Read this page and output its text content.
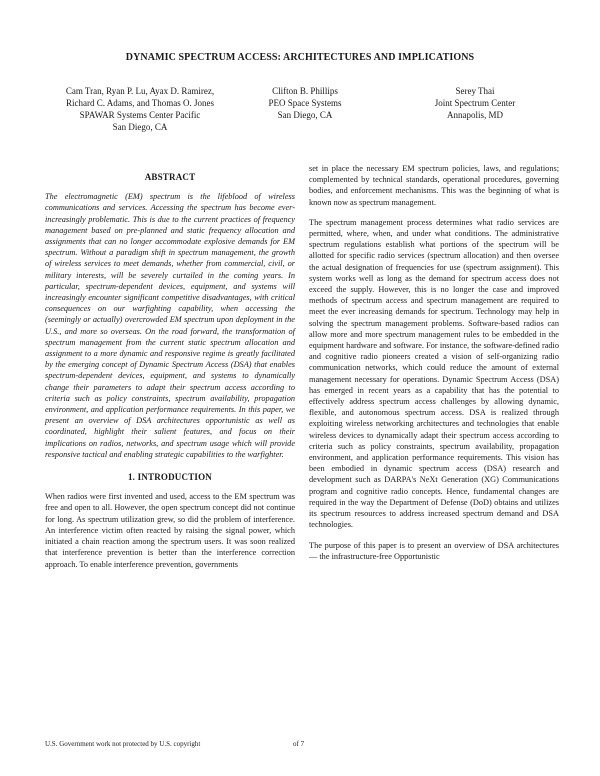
DYNAMIC SPECTRUM ACCESS: ARCHITECTURES AND IMPLICATIONS
Cam Tran, Ryan P. Lu, Ayax D. Ramirez,
Richard C. Adams, and Thomas O. Jones
SPAWAR Systems Center Pacific
San Diego, CA
Clifton B. Phillips
PEO Space Systems
San Diego, CA
Serey Thai
Joint Spectrum Center
Annapolis, MD
ABSTRACT

The electromagnetic (EM) spectrum is the lifeblood of wireless communications and services. Accessing the spectrum has become ever-increasingly problematic. This is due to the current practices of frequency management based on pre-planned and static frequency allocation and assignments that can no longer accommodate explosive demands for EM spectrum. Without a paradigm shift in spectrum management, the growth of wireless services to meet demands, whether from commercial, civil, or military interests, will be severely curtailed in the coming years. In particular, spectrum-dependent devices, equipment, and systems will increasingly encounter significant competitive disadvantages, with critical consequences on our warfighting capability, when accessing the (seemingly or actually) overcrowded EM spectrum upon deployment in the U.S., and more so overseas. On the road forward, the transformation of spectrum management from the current static spectrum allocation and assignment to a more dynamic and responsive regime is greatly facilitated by the emerging concept of Dynamic Spectrum Access (DSA) that enables spectrum-dependent devices, equipment, and systems to dynamically change their parameters to adapt their spectrum access according to criteria such as policy constraints, spectrum availability, propagation environment, and application performance requirements. In this paper, we present an overview of DSA architectures opportunistic as well as coordinated, highlight their salient features, and focus on their implications on radios, networks, and spectrum usage which will provide responsive tactical and enabling strategic capabilities to the warfighter.

1. INTRODUCTION

When radios were first invented and used, access to the EM spectrum was free and open to all. However, the open spectrum concept did not continue for long. As spectrum utilization grew, so did the problem of interference. An interference victim often reacted by raising the signal power, which initiated a chain reaction among the spectrum users. It was soon realized that interference prevention is better than the interference correction approach. To enable interference prevention, governments

set in place the necessary EM spectrum policies, laws, and regulations; complemented by technical standards, operational procedures, governing bodies, and enforcement mechanisms. This was the beginning of what is known now as spectrum management.

The spectrum management process determines what radio services are permitted, where, when, and under what conditions. The administrative spectrum regulations establish what portions of the spectrum will be allotted for specific radio services (spectrum allocation) and then oversee the actual designation of frequencies for use (spectrum assignment). This system works well as long as the demand for spectrum access does not exceed the supply. However, this is no longer the case and improved methods of spectrum access and spectrum management are required to meet the ever increasing demands for spectrum. Technology may help in solving the spectrum management problems. Software-based radios can allow more and more spectrum management rules to be embedded in the equipment hardware and software. For instance, the software-defined radio and cognitive radio pioneers created a vision of self-organizing radio communication networks, which could reduce the amount of external management necessary for operations. Dynamic Spectrum Access (DSA) has emerged in recent years as a capability that has the potential to effectively address spectrum access challenges by allowing dynamic, flexible, and autonomous spectrum access. DSA is realized through exploiting wireless networking architectures and technologies that enable wireless devices to dynamically adapt their spectrum access according to criteria such as policy constraints, spectrum availability, propagation environment, and application performance requirements. This vision has been embodied in dynamic spectrum access (DSA) research and development such as DARPA's NeXt Generation (XG) Communications program and cognitive radio concepts. Hence, fundamental changes are required in the way the Department of Defense (DoD) obtains and utilizes its spectrum resources to address increased spectrum demand and DSA technologies.

The purpose of this paper is to present an overview of DSA architectures — the infrastructure-free Opportunistic

U.S. Government work not protected by U.S. copyright	of 7
